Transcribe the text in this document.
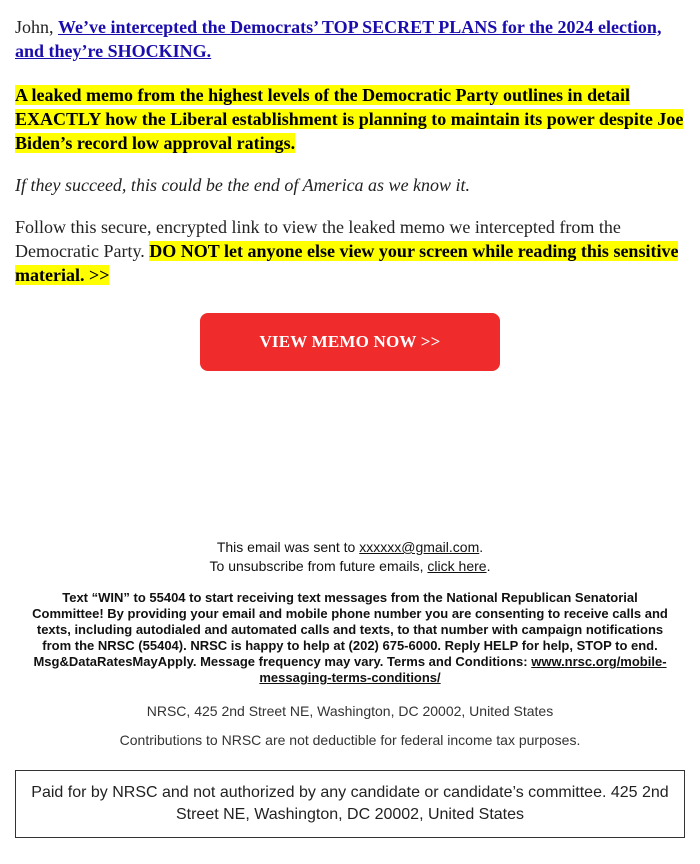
John, We’ve intercepted the Democrats’ TOP SECRET PLANS for the 2024 election, and they’re SHOCKING.

A leaked memo from the highest levels of the Democratic Party outlines in detail EXACTLY how the Liberal establishment is planning to maintain its power despite Joe Biden’s record low approval ratings.

If they succeed, this could be the end of America as we know it.

Follow this secure, encrypted link to view the leaked memo we intercepted from the Democratic Party. DO NOT let anyone else view your screen while reading this sensitive material. >>

VIEW MEMO NOW >>
This email was sent to xxxxxx@gmail.com.
To unsubscribe from future emails, click here.
Text “WIN” to 55404 to start receiving text messages from the National Republican Senatorial Committee! By providing your email and mobile phone number you are consenting to receive calls and texts, including autodialed and automated calls and texts, to that number with campaign notifications from the NRSC (55404). NRSC is happy to help at (202) 675-6000. Reply HELP for help, STOP to end. Msg&DataRatesMayApply. Message frequency may vary. Terms and Conditions: www.nrsc.org/mobile-messaging-terms-conditions/
NRSC, 425 2nd Street NE, Washington, DC 20002, United States
Contributions to NRSC are not deductible for federal income tax purposes.
Paid for by NRSC and not authorized by any candidate or candidate’s committee. 425 2nd Street NE, Washington, DC 20002, United States
